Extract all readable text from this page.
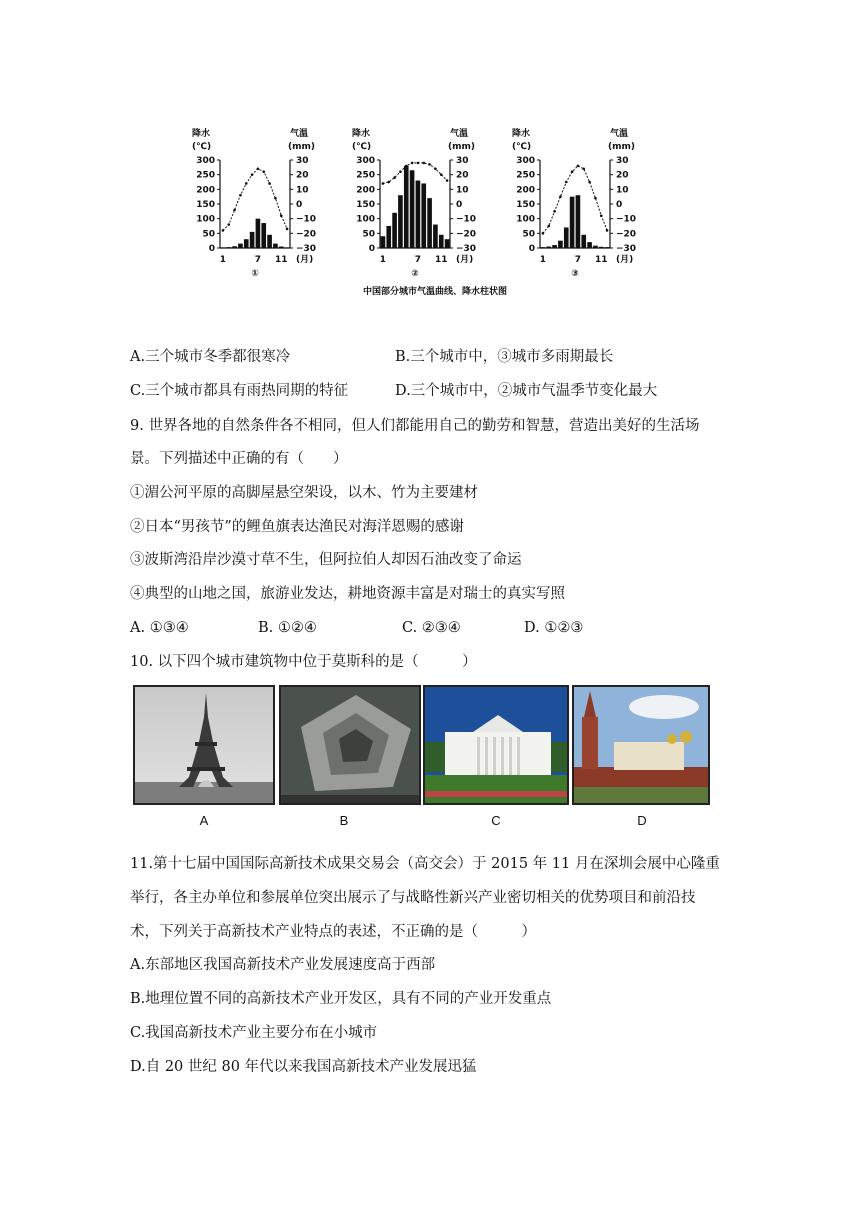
降水
(℃)
气温
(mm)
300
250
200
150
100
50
0
30
20
10
0
−10
−20
−30
1	7 11 (月)
①
降水
(℃)
气温
(mm)
300
250
200
150
100
50
0
30
20
10
0
−10
−20
−30
1	7 11 (月)
②
降水
(℃)
气温
(mm)
300
250
200
150
100
50
0
30
20
10
0
−10
−20
−30
1	7 11 (月)
③
中国部分城市气温曲线、降水柱状图
A.三个城市冬季都很寒冷	B.三个城市中，③城市多雨期最长
C.三个城市都具有雨热同期的特征	D.三个城市中，②城市气温季节变化最大
9. 世界各地的自然条件各不相同，但人们都能用自己的勤劳和智慧，营造出美好的生活场
景。下列描述中正确的有（　　）
①湄公河平原的高脚屋悬空架设，以木、竹为主要建材
②日本“男孩节”的鲤鱼旗表达渔民对海洋恩赐的感谢
③波斯湾沿岸沙漠寸草不生，但阿拉伯人却因石油改变了命运
④典型的山地之国，旅游业发达，耕地资源丰富是对瑞士的真实写照
A. ①③④	B. ①②④	C. ②③④	D. ①②③
10. 以下四个城市建筑物中位于莫斯科的是（　　　）
A	B	C	D
11.第十七届中国国际高新技术成果交易会（高交会）于 2015 年 11 月在深圳会展中心隆重
举行，各主办单位和参展单位突出展示了与战略性新兴产业密切相关的优势项目和前沿技
术，下列关于高新技术产业特点的表述，不正确的是（　　　）
A.东部地区我国高新技术产业发展速度高于西部
B.地理位置不同的高新技术产业开发区，具有不同的产业开发重点
C.我国高新技术产业主要分布在小城市
D.自 20 世纪 80 年代以来我国高新技术产业发展迅猛
